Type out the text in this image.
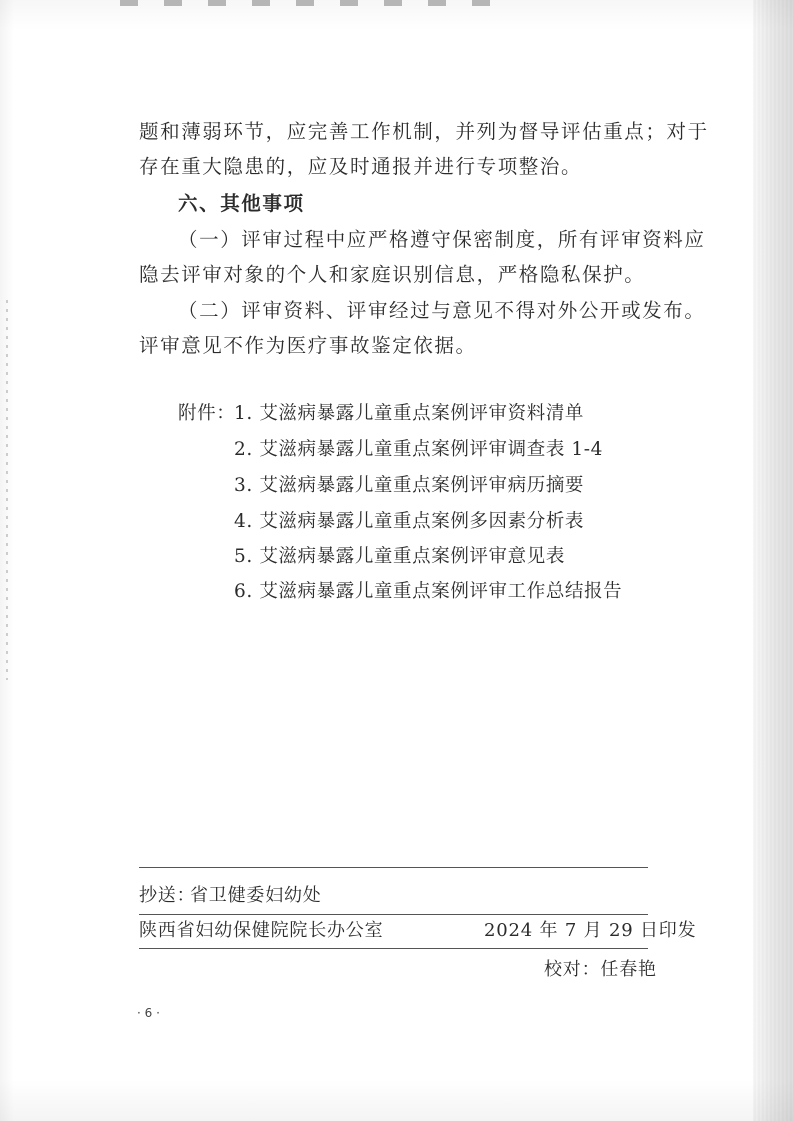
题和薄弱环节，应完善工作机制，并列为督导评估重点；对于
存在重大隐患的，应及时通报并进行专项整治。
六、其他事项
（一）评审过程中应严格遵守保密制度，所有评审资料应
隐去评审对象的个人和家庭识别信息，严格隐私保护。
（二）评审资料、评审经过与意见不得对外公开或发布。
评审意见不作为医疗事故鉴定依据。
附件：
1. 艾滋病暴露儿童重点案例评审资料清单
2. 艾滋病暴露儿童重点案例评审调查表 1-4
3. 艾滋病暴露儿童重点案例评审病历摘要
4. 艾滋病暴露儿童重点案例多因素分析表
5. 艾滋病暴露儿童重点案例评审意见表
6. 艾滋病暴露儿童重点案例评审工作总结报告
抄送：
省卫健委妇幼处
陕西省妇幼保健院院长办公室	2024 年 7 月 29 日印发
校对：任春艳
· 6 ·
